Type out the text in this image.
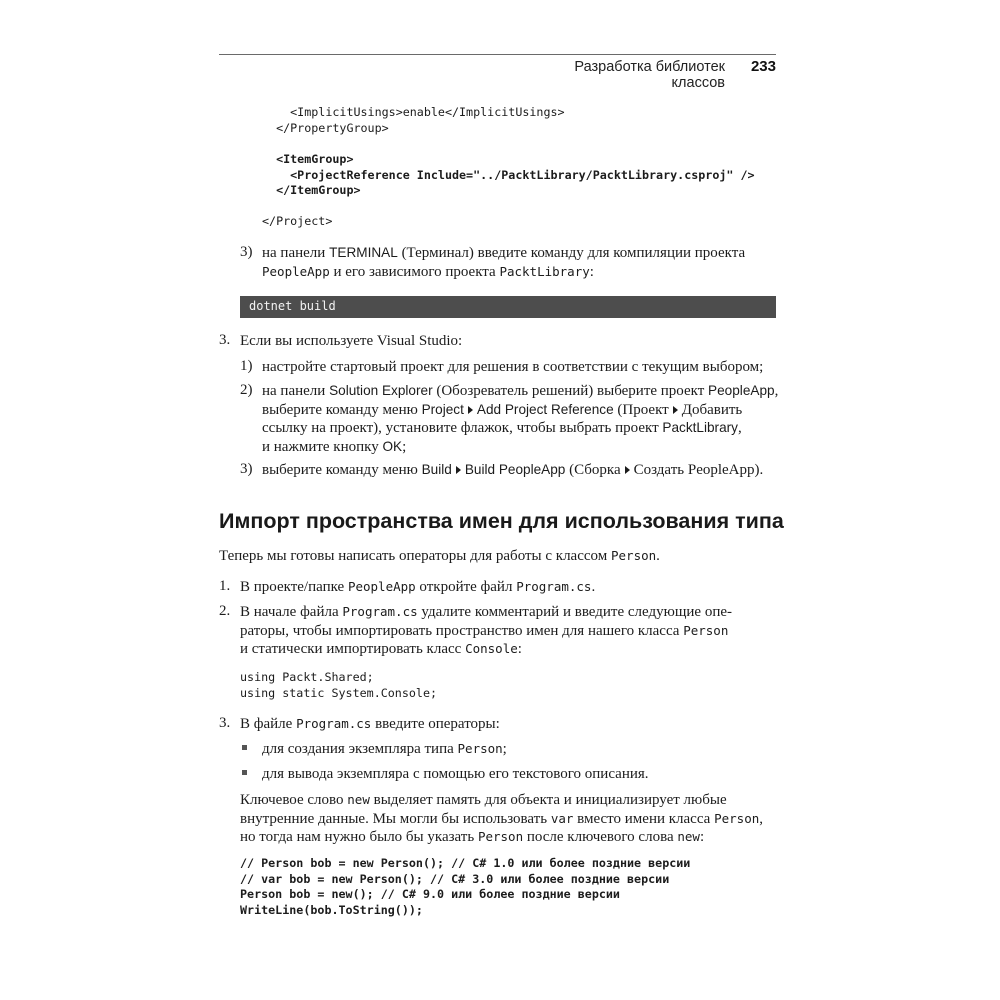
Разработка библиотек классов
233
<ImplicitUsings>enable</ImplicitUsings>
</PropertyGroup>
<ItemGroup>
<ProjectReference Include="../PacktLibrary/PacktLibrary.csproj" />
</ItemGroup>
</Project>
3) на панели TERMINAL (Терминал) введите команду для компиляции проекта
PeopleApp и его зависимого проекта PacktLibrary:

dotnet build
3. Если вы используете Visual Studio:

1) настройте стартовый проект для решения в соответствии с текущим выбором;

2) на панели Solution Explorer (Обозреватель решений) выберите проект PeopleApp,
выберите команду меню Project Add Project Reference (Проект Добавить
ссылку на проект), установите флажок, чтобы выбрать проект PacktLibrary,
и нажмите кнопку OK;

3) выберите команду меню Build Build PeopleApp (Сборка Создать PeopleApp).

Импорт пространства имен для использования типа

Теперь мы готовы написать операторы для работы с классом Person.

1. В проекте/папке PeopleApp откройте файл Program.cs.

2. В начале файла Program.cs удалите комментарий и введите следующие опе-
раторы, чтобы импортировать пространство имен для нашего класса Person
и статически импортировать класс Console:

using Packt.Shared;
using static System.Console;
3. В файле Program.cs введите операторы:

для создания экземпляра типа Person;

для вывода экземпляра с помощью его текстового описания.

Ключевое слово new выделяет память для объекта и инициализирует любые
внутренние данные. Мы могли бы использовать var вместо имени класса Person,
но тогда нам нужно было бы указать Person после ключевого слова new:

// Person bob = new Person(); // C# 1.0 или более поздние версии
// var bob = new Person(); // C# 3.0 или более поздние версии
Person bob = new(); // C# 9.0 или более поздние версии
WriteLine(bob.ToString());
